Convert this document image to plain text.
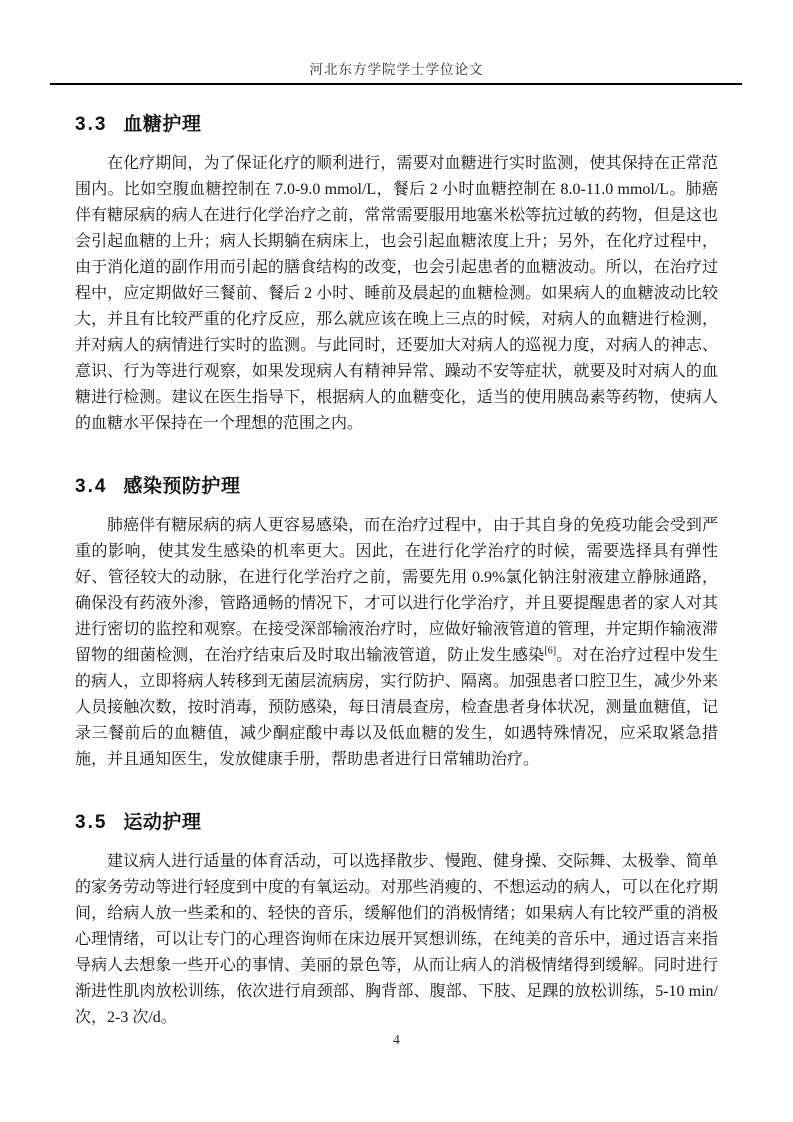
河北东方学院学士学位论文
3.3 血糖护理

在化疗期间，为了保证化疗的顺利进行，需要对血糖进行实时监测，使其保持在正常范围内。比如空腹血糖控制在 7.0-9.0 mmol/L，餐后 2 小时血糖控制在 8.0-11.0 mmol/L。肺癌伴有糖尿病的病人在进行化学治疗之前，常常需要服用地塞米松等抗过敏的药物，但是这也会引起血糖的上升；病人长期躺在病床上，也会引起血糖浓度上升；另外，在化疗过程中，由于消化道的副作用而引起的膳食结构的改变，也会引起患者的血糖波动。所以，在治疗过程中，应定期做好三餐前、餐后 2 小时、睡前及晨起的血糖检测。如果病人的血糖波动比较大，并且有比较严重的化疗反应，那么就应该在晚上三点的时候，对病人的血糖进行检测，并对病人的病情进行实时的监测。与此同时，还要加大对病人的巡视力度，对病人的神志、意识、行为等进行观察，如果发现病人有精神异常、躁动不安等症状，就要及时对病人的血糖进行检测。建议在医生指导下，根据病人的血糖变化，适当的使用胰岛素等药物，使病人的血糖水平保持在一个理想的范围之内。

3.4 感染预防护理

肺癌伴有糖尿病的病人更容易感染，而在治疗过程中，由于其自身的免疫功能会受到严重的影响，使其发生感染的机率更大。因此，在进行化学治疗的时候，需要选择具有弹性好、管径较大的动脉，在进行化学治疗之前，需要先用 0.9%氯化钠注射液建立静脉通路，确保没有药液外渗，管路通畅的情况下，才可以进行化学治疗，并且要提醒患者的家人对其进行密切的监控和观察。在接受深部输液治疗时，应做好输液管道的管理，并定期作输液滞留物的细菌检测，在治疗结束后及时取出输液管道，防止发生感染[6]。对在治疗过程中发生的病人，立即将病人转移到无菌层流病房，实行防护、隔离。加强患者口腔卫生，减少外来人员接触次数，按时消毒，预防感染，每日清晨查房，检查患者身体状况，测量血糖值，记录三餐前后的血糖值，减少酮症酸中毒以及低血糖的发生，如遇特殊情况，应采取紧急措施，并且通知医生，发放健康手册，帮助患者进行日常辅助治疗。

3.5 运动护理

建议病人进行适量的体育活动，可以选择散步、慢跑、健身操、交际舞、太极拳、简单的家务劳动等进行轻度到中度的有氧运动。对那些消瘦的、不想运动的病人，可以在化疗期间，给病人放一些柔和的、轻快的音乐，缓解他们的消极情绪；如果病人有比较严重的消极心理情绪，可以让专门的心理咨询师在床边展开冥想训练，在纯美的音乐中，通过语言来指导病人去想象一些开心的事情、美丽的景色等，从而让病人的消极情绪得到缓解。同时进行渐进性肌肉放松训练，依次进行肩颈部、胸背部、腹部、下肢、足踝的放松训练，5-10 min/次，2-3 次/d。

4
